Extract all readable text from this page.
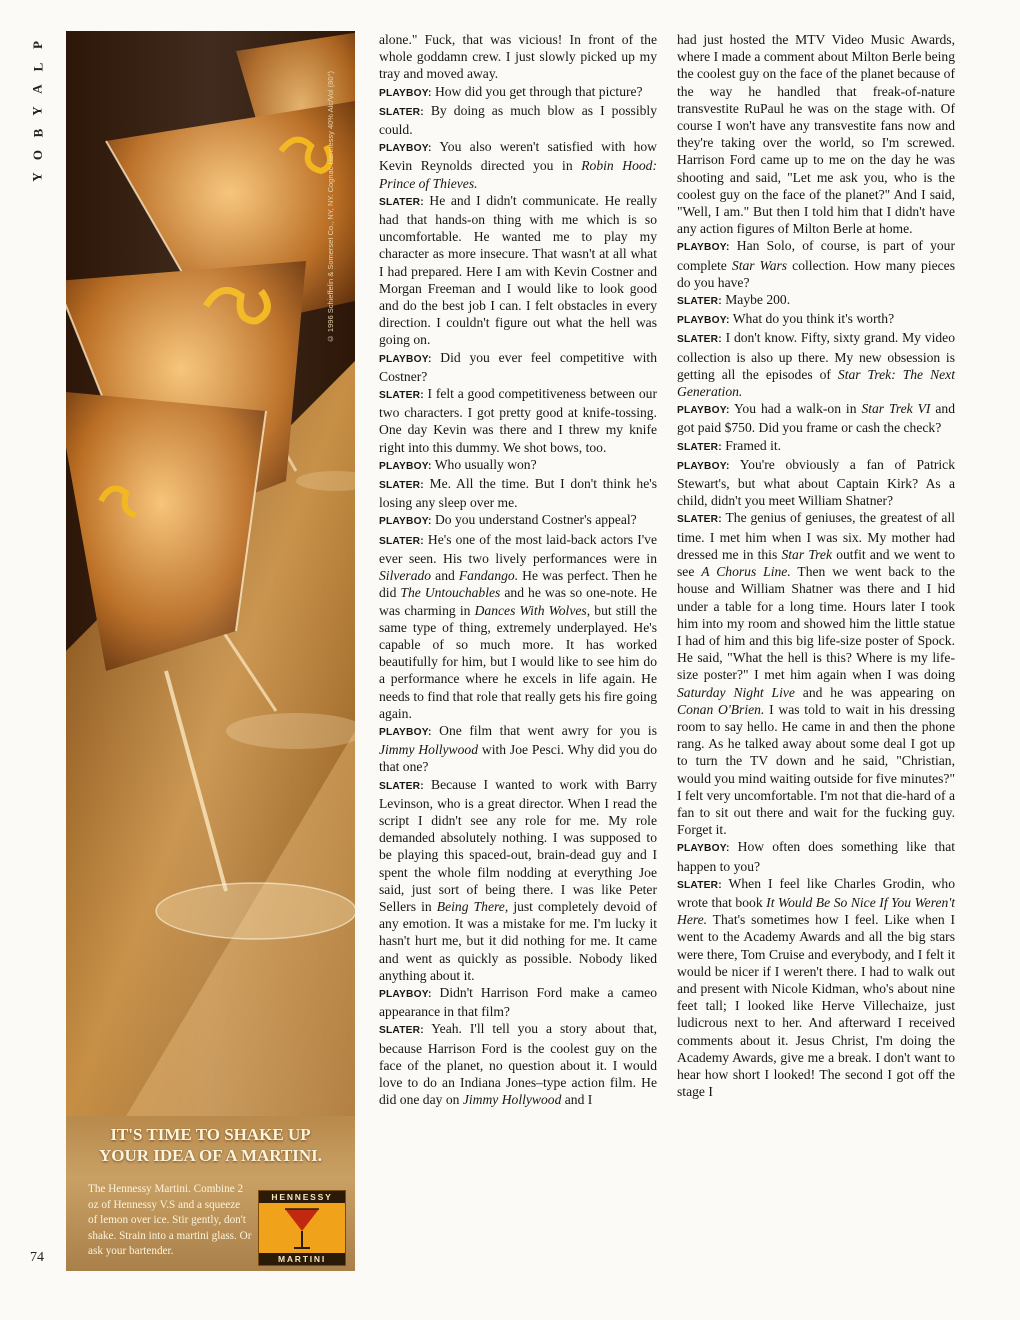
P
L
A
Y
B
O
Y	© 1996 Schieffelin & Somerset Co., NY, NY. Cognac Hennessy 40% Alc/Vol (80°)
IT'S TIME TO SHAKE UP
YOUR IDEA OF A MARTINI.
The Hennessy Martini. Combine 2 oz of Hennessy V.S and a squeeze of lemon over ice. Stir gently, don't shake. Strain into a martini glass. Or ask your bartender.
HENNESSY
MARTINI

alone." Fuck, that was vicious! In front of the whole goddamn crew. I just slowly picked up my tray and moved away.

PLAYBOY: How did you get through that picture?

SLATER: By doing as much blow as I possibly could.

PLAYBOY: You also weren't satisfied with how Kevin Reynolds directed you in Robin Hood: Prince of Thieves.

SLATER: He and I didn't communicate. He really had that hands-on thing with me which is so uncomfortable. He wanted me to play my character as more insecure. That wasn't at all what I had prepared. Here I am with Kevin Costner and Morgan Freeman and I would like to look good and do the best job I can. I felt obstacles in every direction. I couldn't figure out what the hell was going on.

PLAYBOY: Did you ever feel competitive with Costner?

SLATER: I felt a good competitiveness between our two characters. I got pretty good at knife-tossing. One day Kevin was there and I threw my knife right into this dummy. We shot bows, too.

PLAYBOY: Who usually won?

SLATER: Me. All the time. But I don't think he's losing any sleep over me.

PLAYBOY: Do you understand Costner's appeal?

SLATER: He's one of the most laid-back actors I've ever seen. His two lively performances were in Silverado and Fandango. He was perfect. Then he did The Untouchables and he was so one-note. He was charming in Dances With Wolves, but still the same type of thing, extremely underplayed. He's capable of so much more. It has worked beautifully for him, but I would like to see him do a performance where he excels in life again. He needs to find that role that really gets his fire going again.

PLAYBOY: One film that went awry for you is Jimmy Hollywood with Joe Pesci. Why did you do that one?

SLATER: Because I wanted to work with Barry Levinson, who is a great director. When I read the script I didn't see any role for me. My role demanded absolutely nothing. I was supposed to be playing this spaced-out, brain-dead guy and I spent the whole film nodding at everything Joe said, just sort of being there. I was like Peter Sellers in Being There, just completely devoid of any emotion. It was a mistake for me. I'm lucky it hasn't hurt me, but it did nothing for me. It came and went as quickly as possible. Nobody liked anything about it.

PLAYBOY: Didn't Harrison Ford make a cameo appearance in that film?

SLATER: Yeah. I'll tell you a story about that, because Harrison Ford is the coolest guy on the face of the planet, no question about it. I would love to do an Indiana Jones–type action film. He did one day on Jimmy Hollywood and I

had just hosted the MTV Video Music Awards, where I made a comment about Milton Berle being the coolest guy on the face of the planet because of the way he handled that freak-of-nature transvestite RuPaul he was on the stage with. Of course I won't have any transvestite fans now and they're taking over the world, so I'm screwed. Harrison Ford came up to me on the day he was shooting and said, "Let me ask you, who is the coolest guy on the face of the planet?" And I said, "Well, I am." But then I told him that I didn't have any action figures of Milton Berle at home.

PLAYBOY: Han Solo, of course, is part of your complete Star Wars collection. How many pieces do you have?

SLATER: Maybe 200.

PLAYBOY: What do you think it's worth?

SLATER: I don't know. Fifty, sixty grand. My video collection is also up there. My new obsession is getting all the episodes of Star Trek: The Next Generation.

PLAYBOY: You had a walk-on in Star Trek VI and got paid $750. Did you frame or cash the check?

SLATER: Framed it.

PLAYBOY: You're obviously a fan of Patrick Stewart's, but what about Captain Kirk? As a child, didn't you meet William Shatner?

SLATER: The genius of geniuses, the greatest of all time. I met him when I was six. My mother had dressed me in this Star Trek outfit and we went to see A Chorus Line. Then we went back to the house and William Shatner was there and I hid under a table for a long time. Hours later I took him into my room and showed him the little statue I had of him and this big life-size poster of Spock. He said, "What the hell is this? Where is my life-size poster?" I met him again when I was doing Saturday Night Live and he was appearing on Conan O'Brien. I was told to wait in his dressing room to say hello. He came in and then the phone rang. As he talked away about some deal I got up to turn the TV down and he said, "Christian, would you mind waiting outside for five minutes?" I felt very uncomfortable. I'm not that die-hard of a fan to sit out there and wait for the fucking guy. Forget it.

PLAYBOY: How often does something like that happen to you?

SLATER: When I feel like Charles Grodin, who wrote that book It Would Be So Nice If You Weren't Here. That's sometimes how I feel. Like when I went to the Academy Awards and all the big stars were there, Tom Cruise and everybody, and I felt it would be nicer if I weren't there. I had to walk out and present with Nicole Kidman, who's about nine feet tall; I looked like Herve Villechaize, just ludicrous next to her. And afterward I received comments about it. Jesus Christ, I'm doing the Academy Awards, give me a break. I don't want to hear how short I looked! The second I got off the stage I

74
